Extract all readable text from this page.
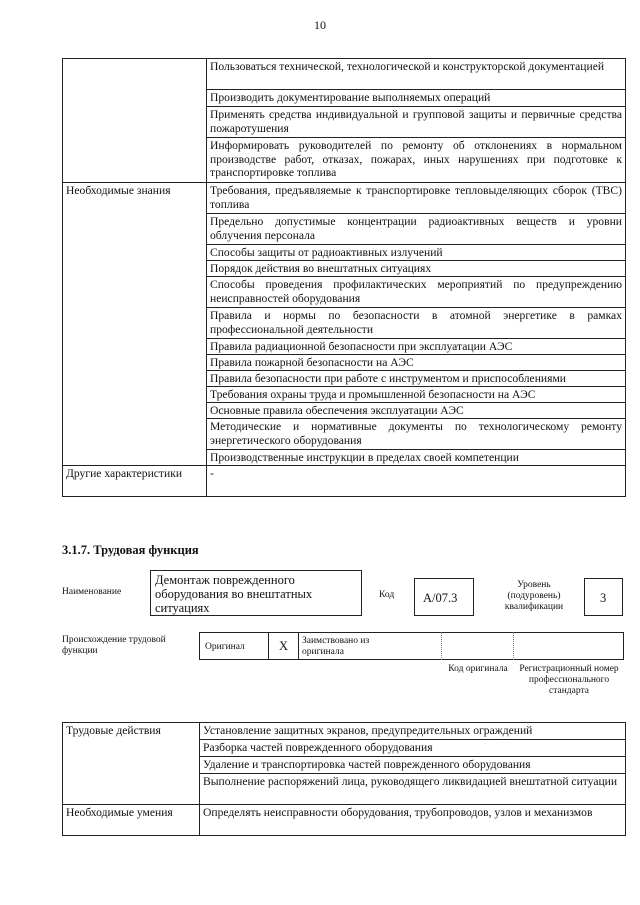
10
	Пользоваться технической, технологической и конструкторской документацией
	Производить документирование выполняемых операций
	Применять средства индивидуальной и групповой защиты и первичные средства пожаротушения
	Информировать руководителей по ремонту об отклонениях в нормальном производстве работ, отказах, пожарах, иных нарушениях при подготовке к транспортировке топлива
Необходимые знания	Требования, предъявляемые к транспортировке тепловыделяющих сборок (ТВС) топлива
	Предельно допустимые концентрации радиоактивных веществ и уровни облучения персонала
	Способы защиты от радиоактивных излучений
	Порядок действия во внештатных ситуациях
	Способы проведения профилактических мероприятий по предупреждению неисправностей оборудования
	Правила и нормы по безопасности в атомной энергетике в рамках профессиональной деятельности
	Правила радиационной безопасности при эксплуатации АЭС
	Правила пожарной безопасности на АЭС
	Правила безопасности при работе с инструментом и приспособлениями
	Требования охраны труда и промышленной безопасности на АЭС
	Основные правила обеспечения эксплуатации АЭС
	Методические и нормативные документы по технологическому ремонту энергетического оборудования
	Производственные инструкции в пределах своей компетенции
Другие характеристики	-
3.1.7. Трудовая функция
Наименование
Демонтаж поврежденного оборудования во внештатных ситуациях
Код	А/07.3
Уровень (подуровень) квалификации
3
Происхождение трудовой функции	Оригинал	X Заимствовано из оригинала
Код оригинала	Регистрационный номер профессионального стандарта
Трудовые действия	Установление защитных экранов, предупредительных ограждений
	Разборка частей поврежденного оборудования
	Удаление и транспортировка частей поврежденного оборудования
	Выполнение распоряжений лица, руководящего ликвидацией внештатной ситуации
Необходимые умения	Определять неисправности оборудования, трубопроводов, узлов и механизмов
